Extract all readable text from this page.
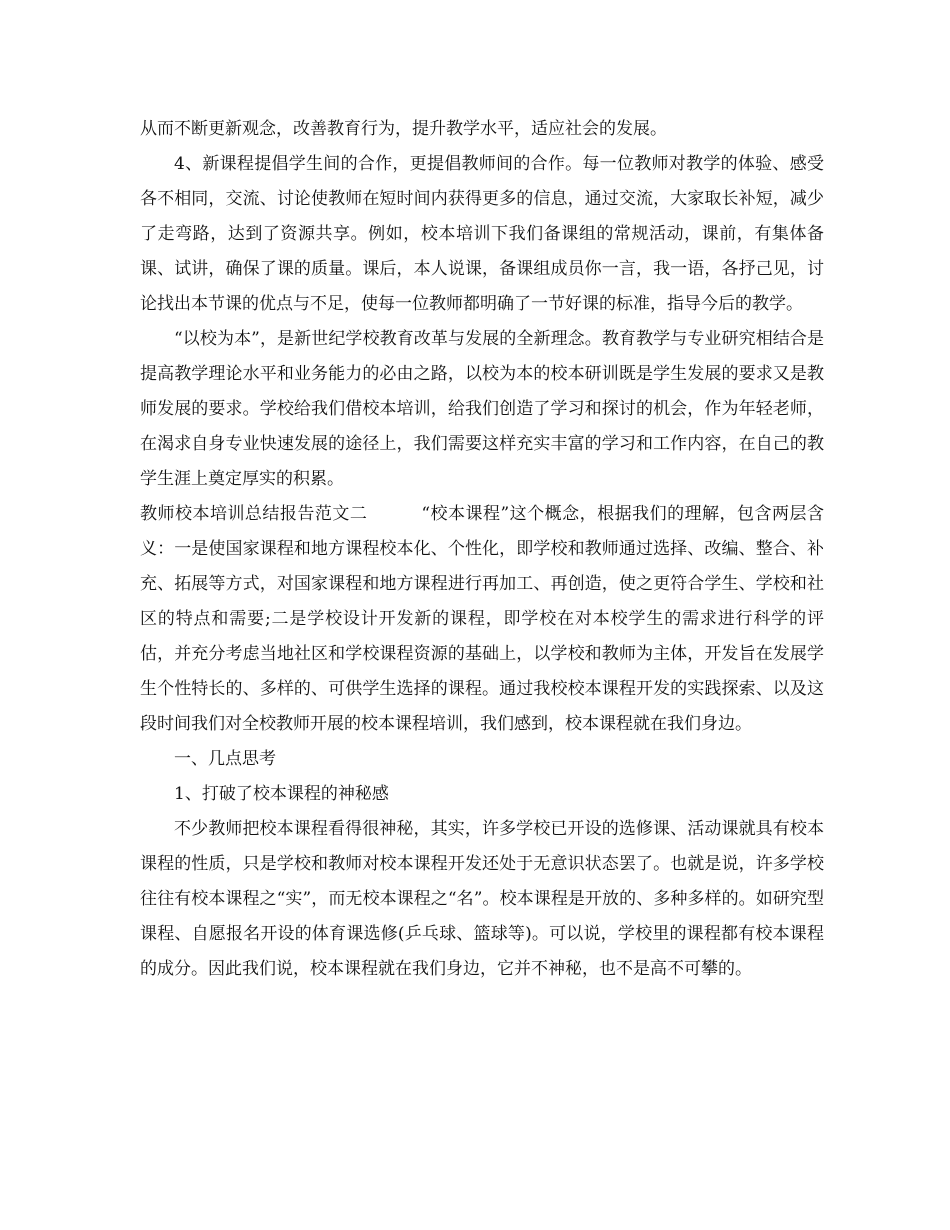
从而不断更新观念，改善教育行为，提升教学水平，适应社会的发展。

4、新课程提倡学生间的合作，更提倡教师间的合作。每一位教师对教学的体验、感受各不相同，交流、讨论使教师在短时间内获得更多的信息，通过交流，大家取长补短，减少了走弯路，达到了资源共享。例如，校本培训下我们备课组的常规活动，课前，有集体备课、试讲，确保了课的质量。课后，本人说课，备课组成员你一言，我一语，各抒己见，讨论找出本节课的优点与不足，使每一位教师都明确了一节好课的标准，指导今后的教学。

“以校为本”，是新世纪学校教育改革与发展的全新理念。教育教学与专业研究相结合是提高教学理论水平和业务能力的必由之路，以校为本的校本研训既是学生发展的要求又是教师发展的要求。学校给我们借校本培训，给我们创造了学习和探讨的机会，作为年轻老师，在渴求自身专业快速发展的途径上，我们需要这样充实丰富的学习和工作内容，在自己的教学生涯上奠定厚实的积累。

教师校本培训总结报告范文二	“校本课程”这个概念，根据我们的理解，包含两层含义：一是使国家课程和地方课程校本化、个性化，即学校和教师通过选择、改编、整合、补充、拓展等方式，对国家课程和地方课程进行再加工、再创造，使之更符合学生、学校和社区的特点和需要;二是学校设计开发新的课程，即学校在对本校学生的需求进行科学的评估，并充分考虑当地社区和学校课程资源的基础上，以学校和教师为主体，开发旨在发展学生个性特长的、多样的、可供学生选择的课程。通过我校校本课程开发的实践探索、以及这段时间我们对全校教师开展的校本课程培训，我们感到，校本课程就在我们身边。

一、几点思考

1、打破了校本课程的神秘感

不少教师把校本课程看得很神秘，其实，许多学校已开设的选修课、活动课就具有校本课程的性质，只是学校和教师对校本课程开发还处于无意识状态罢了。也就是说，许多学校往往有校本课程之“实”，而无校本课程之“名”。校本课程是开放的、多种多样的。如研究型课程、自愿报名开设的体育课选修(乒乓球、篮球等)。可以说，学校里的课程都有校本课程的成分。因此我们说，校本课程就在我们身边，它并不神秘，也不是高不可攀的。
